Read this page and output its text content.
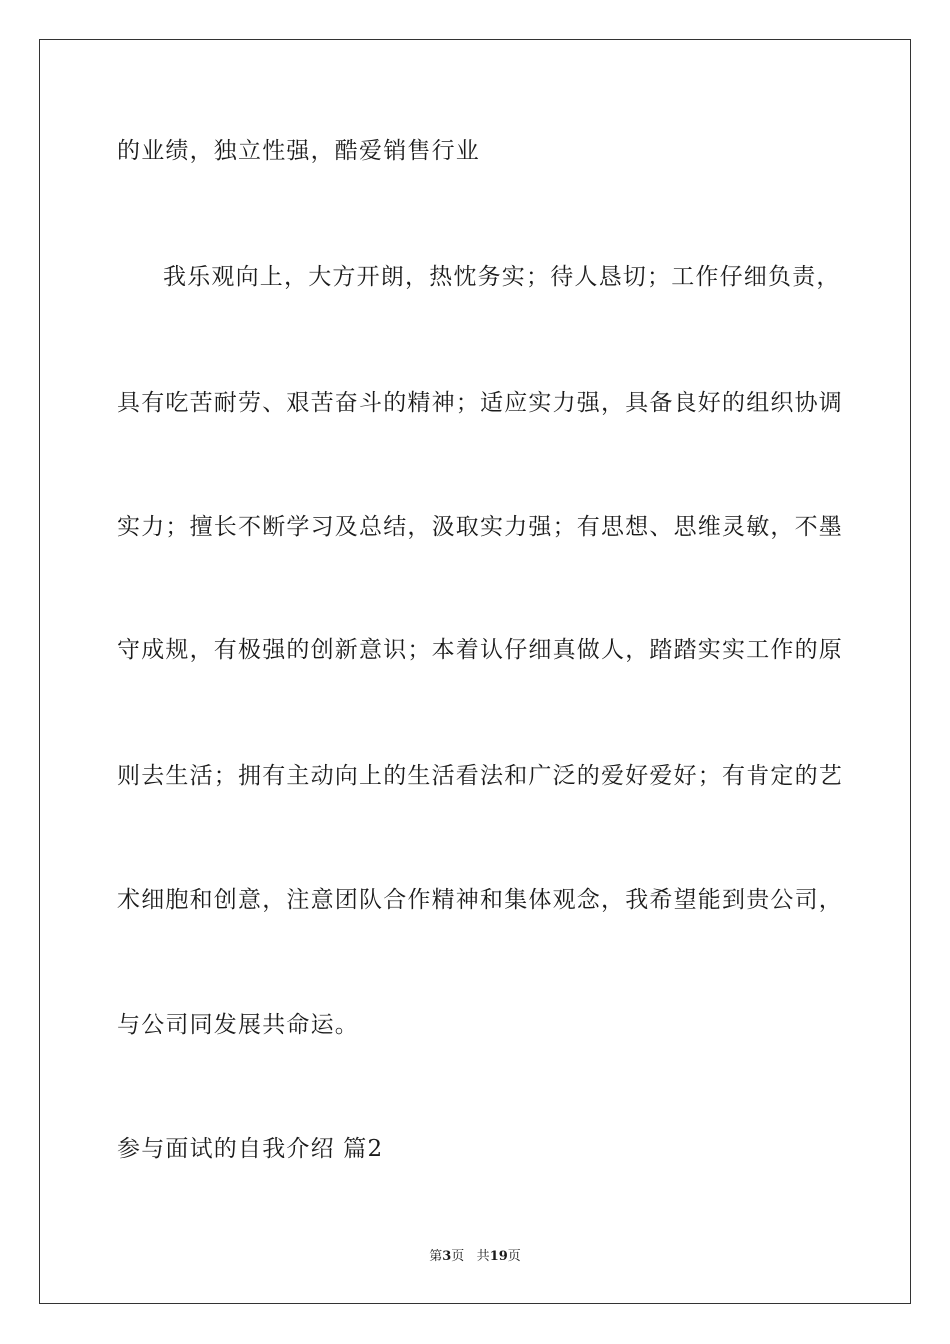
的业绩，独立性强，酷爱销售行业
我乐观向上，大方开朗，热忱务实；待人恳切；工作仔细负责，
具有吃苦耐劳、艰苦奋斗的精神；适应实力强，具备良好的组织协调
实力；擅长不断学习及总结，汲取实力强；有思想、思维灵敏，不墨
守成规，有极强的创新意识；本着认仔细真做人，踏踏实实工作的原
则去生活；拥有主动向上的生活看法和广泛的爱好爱好；有肯定的艺
术细胞和创意，注意团队合作精神和集体观念，我希望能到贵公司，
与公司同发展共命运。
参与面试的自我介绍 篇2
第3页 共19页
